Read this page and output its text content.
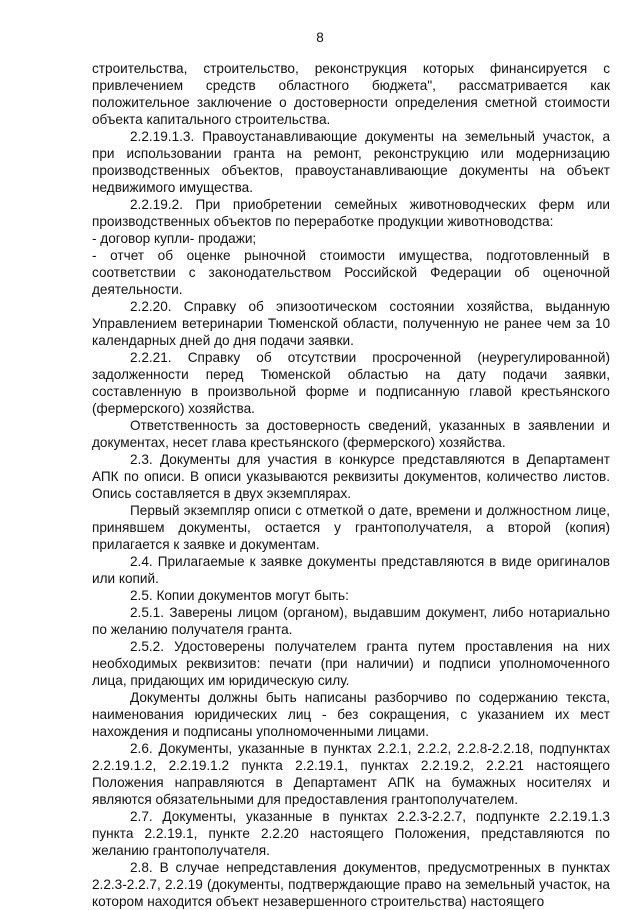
8

строительства, строительство, реконструкция которых финансируется с привлечением средств областного бюджета", рассматривается как положительное заключение о достоверности определения сметной стоимости объекта капитального строительства.

2.2.19.1.3. Правоустанавливающие документы на земельный участок, а при использовании гранта на ремонт, реконструкцию или модернизацию производственных объектов, правоустанавливающие документы на объект недвижимого имущества.

2.2.19.2. При приобретении семейных животноводческих ферм или производственных объектов по переработке продукции животноводства:

- договор купли- продажи;

- отчет об оценке рыночной стоимости имущества, подготовленный в соответствии с законодательством Российской Федерации об оценочной деятельности.

2.2.20. Справку об эпизоотическом состоянии хозяйства, выданную Управлением ветеринарии Тюменской области, полученную не ранее чем за 10 календарных дней до дня подачи заявки.

2.2.21. Справку об отсутствии просроченной (неурегулированной) задолженности перед Тюменской областью на дату подачи заявки, составленную в произвольной форме и подписанную главой крестьянского (фермерского) хозяйства.

Ответственность за достоверность сведений, указанных в заявлении и документах, несет глава крестьянского (фермерского) хозяйства.

2.3. Документы для участия в конкурсе представляются в Департамент АПК по описи. В описи указываются реквизиты документов, количество листов. Опись составляется в двух экземплярах.

Первый экземпляр описи с отметкой о дате, времени и должностном лице, принявшем документы, остается у грантополучателя, а второй (копия) прилагается к заявке и документам.

2.4. Прилагаемые к заявке документы представляются в виде оригиналов или копий.

2.5. Копии документов могут быть:

2.5.1. Заверены лицом (органом), выдавшим документ, либо нотариально по желанию получателя гранта.

2.5.2. Удостоверены получателем гранта путем проставления на них необходимых реквизитов: печати (при наличии) и подписи уполномоченного лица, придающих им юридическую силу.

Документы должны быть написаны разборчиво по содержанию текста, наименования юридических лиц - без сокращения, с указанием их мест нахождения и подписаны уполномоченными лицами.

2.6. Документы, указанные в пунктах 2.2.1, 2.2.2, 2.2.8-2.2.18, подпунктах 2.2.19.1.2, 2.2.19.1.2 пункта 2.2.19.1, пунктах 2.2.19.2, 2.2.21 настоящего Положения направляются в Департамент АПК на бумажных носителях и являются обязательными для предоставления грантополучателем.

2.7. Документы, указанные в пунктах 2.2.3-2.2.7, подпункте 2.2.19.1.3 пункта 2.2.19.1, пункте 2.2.20 настоящего Положения, представляются по желанию грантополучателя.

2.8. В случае непредставления документов, предусмотренных в пунктах 2.2.3-2.2.7, 2.2.19 (документы, подтверждающие право на земельный участок, на котором находится объект незавершенного строительства) настоящего
